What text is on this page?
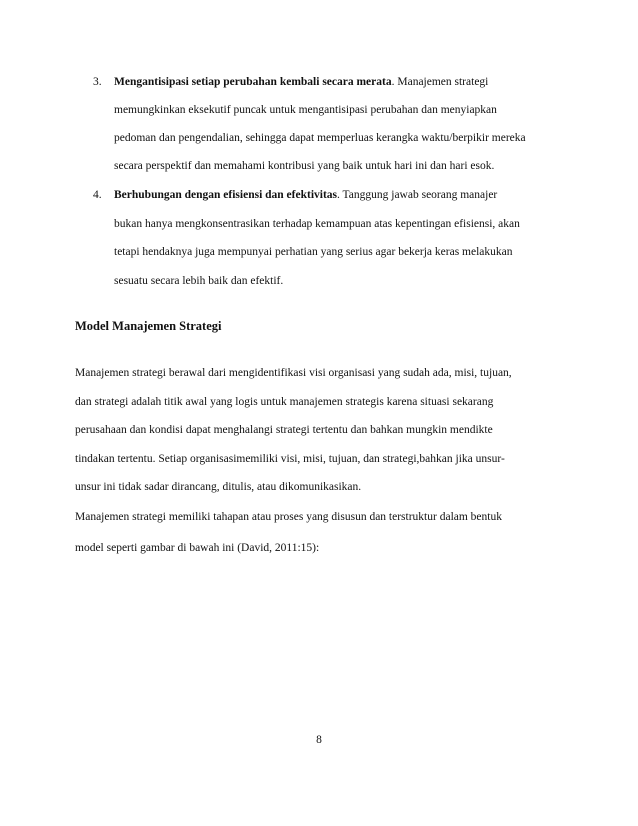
3. Mengantisipasi setiap perubahan kembali secara merata. Manajemen strategi
memungkinkan eksekutif puncak untuk mengantisipasi perubahan dan menyiapkan
pedoman dan pengendalian, sehingga dapat memperluas kerangka waktu/berpikir mereka
secara perspektif dan memahami kontribusi yang baik untuk hari ini dan hari esok.
4. Berhubungan dengan efisiensi dan efektivitas. Tanggung jawab seorang manajer
bukan hanya mengkonsentrasikan terhadap kemampuan atas kepentingan efisiensi, akan
tetapi hendaknya juga mempunyai perhatian yang serius agar bekerja keras melakukan
sesuatu secara lebih baik dan efektif.
Model Manajemen Strategi
Manajemen strategi berawal dari mengidentifikasi visi organisasi yang sudah ada, misi, tujuan,
dan strategi adalah titik awal yang logis untuk manajemen strategis karena situasi sekarang
perusahaan dan kondisi dapat menghalangi strategi tertentu dan bahkan mungkin mendikte
tindakan tertentu. Setiap organisasimemiliki visi, misi, tujuan, dan strategi,bahkan jika unsur-
unsur ini tidak sadar dirancang, ditulis, atau dikomunikasikan.
Manajemen strategi memiliki tahapan atau proses yang disusun dan terstruktur dalam bentuk
model seperti gambar di bawah ini (David, 2011:15):
8
